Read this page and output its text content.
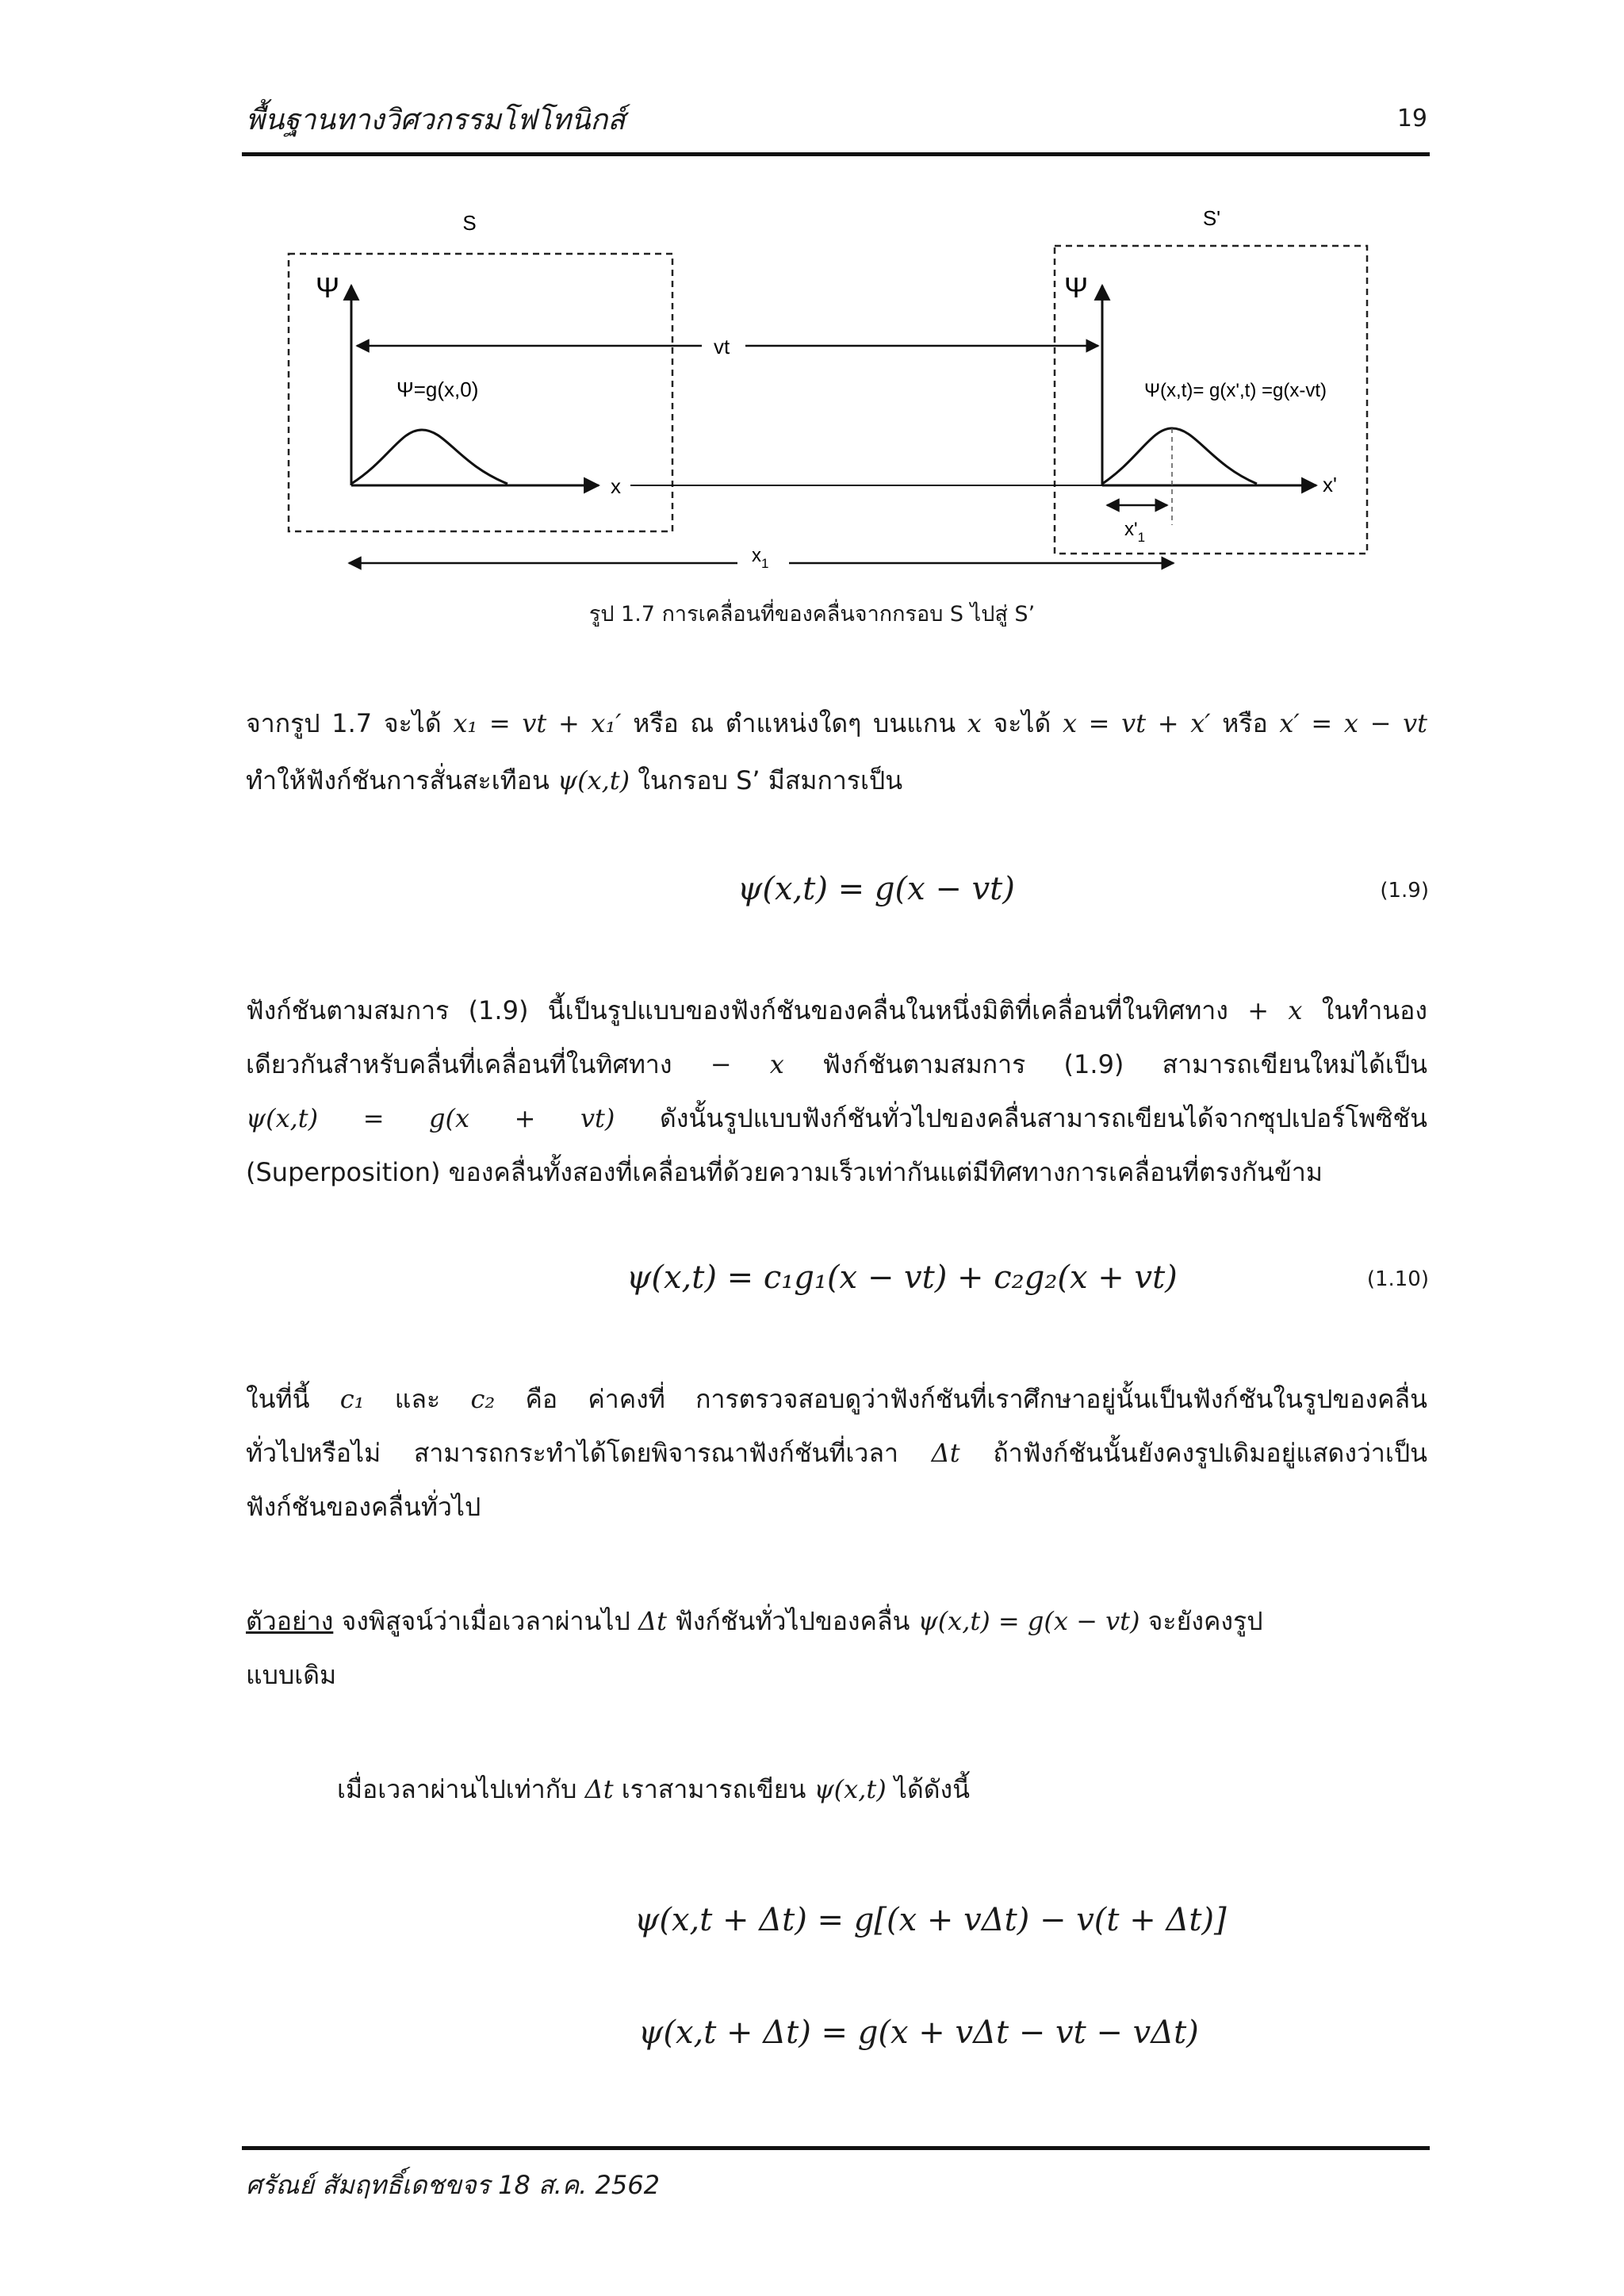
พื้นฐานทางวิศวกรรมโฟโทนิกส์	19
S	S'
Ψ
x
Ψ=g(x,0)
vt
Ψ
x'
Ψ(x,t)= g(x',t) =g(x-vt)
$x'_1$
$x_1$
รูป 1.7 การเคลื่อนที่ของคลื่นจากกรอบ S ไปสู่ S’
จากรูป 1.7 จะได้ x₁ = vt + x₁′ หรือ ณ ตำแหน่งใดๆ บนแกน x จะได้ x = vt + x′ หรือ x′ = x − vt
ทำให้ฟังก์ชันการสั่นสะเทือน ψ(x,t) ในกรอบ S’ มีสมการเป็น
ψ(x,t) = g(x − vt)	(1.9)
ฟังก์ชันตามสมการ (1.9) นี้เป็นรูปแบบของฟังก์ชันของคลื่นในหนึ่งมิติที่เคลื่อนที่ในทิศทาง + x ในทำนอง
เดียวกันสำหรับคลื่นที่เคลื่อนที่ในทิศทาง − x ฟังก์ชันตามสมการ (1.9) สามารถเขียนใหม่ได้เป็น
ψ(x,t) = g(x + vt) ดังนั้นรูปแบบฟังก์ชันทั่วไปของคลื่นสามารถเขียนได้จากซุปเปอร์โพซิชัน
(Superposition) ของคลื่นทั้งสองที่เคลื่อนที่ด้วยความเร็วเท่ากันแต่มีทิศทางการเคลื่อนที่ตรงกันข้าม
ψ(x,t) = c₁g₁(x − vt) + c₂g₂(x + vt)	(1.10)
ในที่นี้ c₁ และ c₂ คือ ค่าคงที่ การตรวจสอบดูว่าฟังก์ชันที่เราศึกษาอยู่นั้นเป็นฟังก์ชันในรูปของคลื่น
ทั่วไปหรือไม่ สามารถกระทำได้โดยพิจารณาฟังก์ชันที่เวลา Δt ถ้าฟังก์ชันนั้นยังคงรูปเดิมอยู่แสดงว่าเป็น
ฟังก์ชันของคลื่นทั่วไป
ตัวอย่าง จงพิสูจน์ว่าเมื่อเวลาผ่านไป Δt ฟังก์ชันทั่วไปของคลื่น ψ(x,t) = g(x − vt) จะยังคงรูป
แบบเดิม
เมื่อเวลาผ่านไปเท่ากับ Δt เราสามารถเขียน ψ(x,t) ได้ดังนี้
ψ(x,t + Δt) = g[(x + vΔt) − v(t + Δt)]
ψ(x,t + Δt) = g(x + vΔt − vt − vΔt)
ศรัณย์ สัมฤทธิ์เดชขจร 18 ส.ค. 2562
